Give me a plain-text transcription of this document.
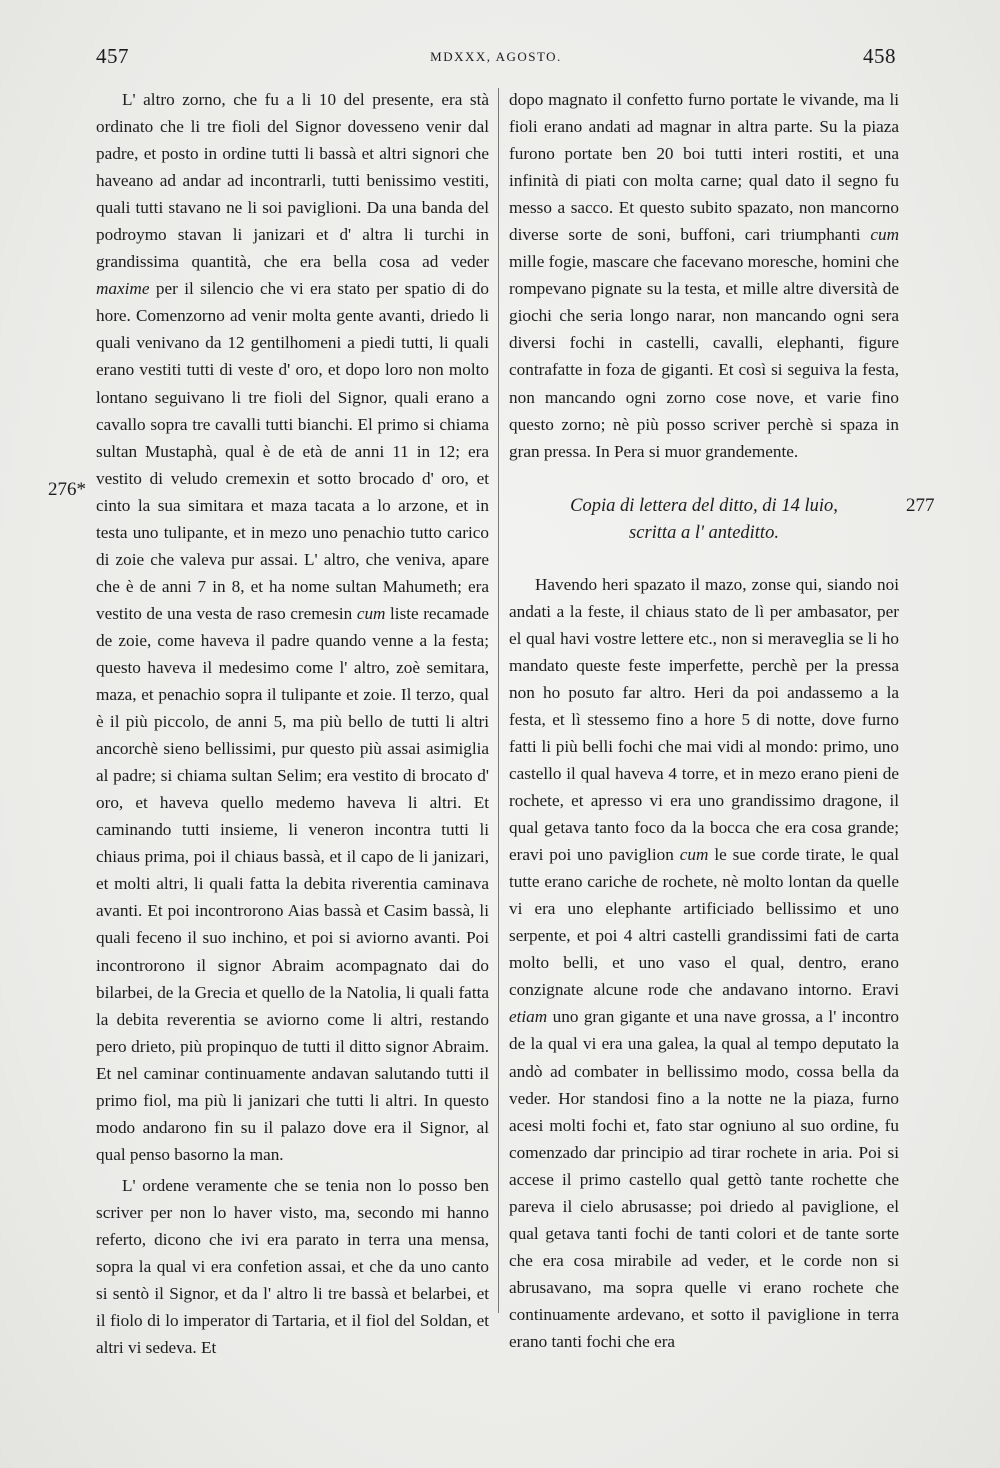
457	MDXXX, AGOSTO.	458
276*
277

L' altro zorno, che fu a li 10 del presente, era stà ordinato che li tre fioli del Signor dovesseno venir dal padre, et posto in ordine tutti li bassà et altri signori che haveano ad andar ad incontrarli, tutti benissimo vestiti, quali tutti stavano ne li soi paviglioni. Da una banda del podroymo stavan li janizari et d' altra li turchi in grandissima quantità, che era bella cosa ad veder maxime per il silencio che vi era stato per spatio di do hore. Comenzorno ad venir molta gente avanti, driedo li quali venivano da 12 gentilhomeni a piedi tutti, li quali erano vestiti tutti di veste d' oro, et dopo loro non molto lontano seguivano li tre fioli del Signor, quali erano a cavallo sopra tre cavalli tutti bianchi. El primo si chiama sultan Mustaphà, qual è de età de anni 11 in 12; era vestito di veludo cremexin et sotto brocado d' oro, et cinto la sua simitara et maza tacata a lo arzone, et in testa uno tulipante, et in mezo uno penachio tutto carico di zoie che valeva pur assai. L' altro, che veniva, apare che è de anni 7 in 8, et ha nome sultan Mahumeth; era vestito de una vesta de raso cremesin cum liste recamade de zoie, come haveva il padre quando venne a la festa; questo haveva il medesimo come l' altro, zoè semitara, maza, et penachio sopra il tulipante et zoie. Il terzo, qual è il più piccolo, de anni 5, ma più bello de tutti li altri ancorchè sieno bellissimi, pur questo più assai asimiglia al padre; si chiama sultan Selim; era vestito di brocato d' oro, et haveva quello medemo haveva li altri. Et caminando tutti insieme, li veneron incontra tutti li chiaus prima, poi il chiaus bassà, et il capo de li janizari, et molti altri, li quali fatta la debita riverentia caminava avanti. Et poi incontrorono Aias bassà et Casim bassà, li quali feceno il suo inchino, et poi si aviorno avanti. Poi incontrorono il signor Abraim acompagnato dai do bilarbei, de la Grecia et quello de la Natolia, li quali fatta la debita reverentia se aviorno come li altri, restando pero drieto, più propinquo de tutti il ditto signor Abraim. Et nel caminar continuamente andavan salutando tutti il primo fiol, ma più li janizari che tutti li altri. In questo modo andarono fin su il palazo dove era il Signor, al qual penso basorno la man.

L' ordene veramente che se tenia non lo posso ben scriver per non lo haver visto, ma, secondo mi hanno referto, dicono che ivi era parato in terra una mensa, sopra la qual vi era confetion assai, et che da uno canto si sentò il Signor, et da l' altro li tre bassà et belarbei, et il fiolo di lo imperator di Tartaria, et il fiol del Soldan, et altri vi sedeva. Et

dopo magnato il confetto furno portate le vivande, ma li fioli erano andati ad magnar in altra parte. Su la piaza furono portate ben 20 boi tutti interi rostiti, et una infinità di piati con molta carne; qual dato il segno fu messo a sacco. Et questo subito spazato, non mancorno diverse sorte de soni, buffoni, cari triumphanti cum mille fogie, mascare che facevano moresche, homini che rompevano pignate su la testa, et mille altre diversità de giochi che seria longo narar, non mancando ogni sera diversi fochi in castelli, cavalli, elephanti, figure contrafatte in foza de giganti. Et così si seguiva la festa, non mancando ogni zorno cose nove, et varie fino questo zorno; nè più posso scriver perchè si spaza in gran pressa. In Pera si muor grandemente.

Copia di lettera del ditto, di 14 luio,
scritta a l' anteditto.

Havendo heri spazato il mazo, zonse qui, siando noi andati a la feste, il chiaus stato de lì per ambasator, per el qual havi vostre lettere etc., non si meraveglia se li ho mandato queste feste imperfette, perchè per la pressa non ho posuto far altro. Heri da poi andassemo a la festa, et lì stessemo fino a hore 5 di notte, dove furno fatti li più belli fochi che mai vidi al mondo: primo, uno castello il qual haveva 4 torre, et in mezo erano pieni de rochete, et apresso vi era uno grandissimo dragone, il qual getava tanto foco da la bocca che era cosa grande; eravi poi uno paviglion cum le sue corde tirate, le qual tutte erano cariche de rochete, nè molto lontan da quelle vi era uno elephante artificiado bellissimo et uno serpente, et poi 4 altri castelli grandissimi fati de carta molto belli, et uno vaso el qual, dentro, erano conzignate alcune rode che andavano intorno. Eravi etiam uno gran gigante et una nave grossa, a l' incontro de la qual vi era una galea, la qual al tempo deputato la andò ad combater in bellissimo modo, cossa bella da veder. Hor standosi fino a la notte ne la piaza, furno acesi molti fochi et, fato star ogniuno al suo ordine, fu comenzado dar principio ad tirar rochete in aria. Poi si accese il primo castello qual gettò tante rochette che pareva il cielo abrusasse; poi driedo al paviglione, el qual getava tanti fochi de tanti colori et de tante sorte che era cosa mirabile ad veder, et le corde non si abrusavano, ma sopra quelle vi erano rochete che continuamente ardevano, et sotto il paviglione in terra erano tanti fochi che era
